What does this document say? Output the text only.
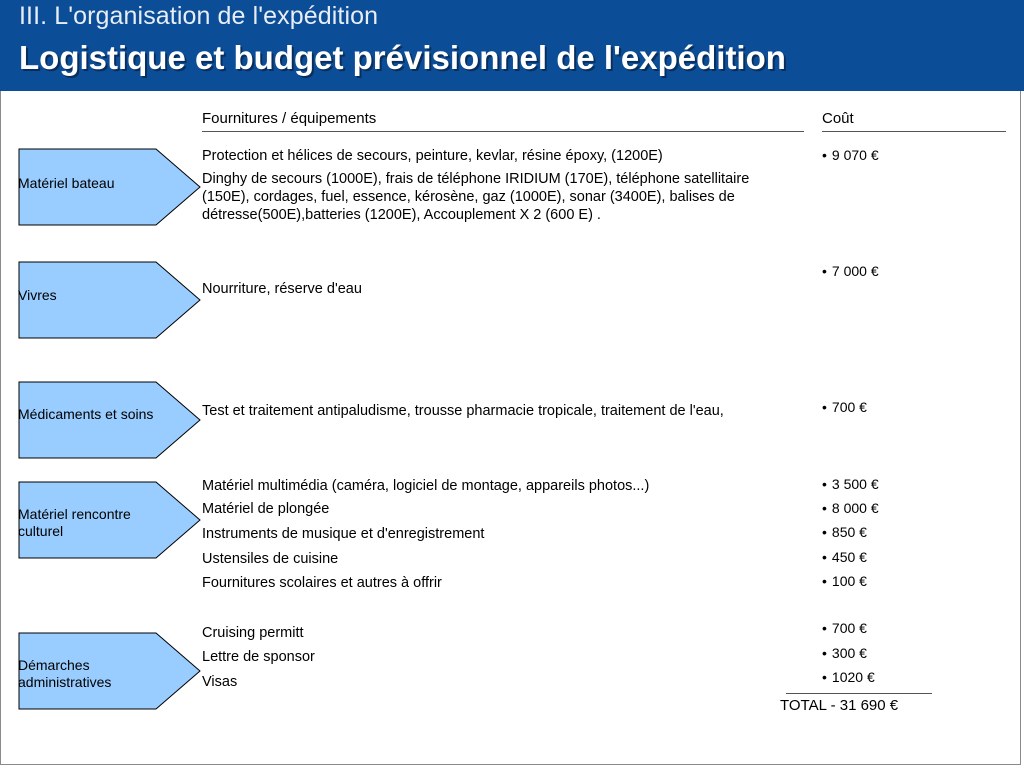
III. L'organisation de l'expédition
Logistique et budget prévisionnel de l'expédition
Fournitures / équipements	Coût
Matériel bateau
Protection et hélices de secours, peinture, kevlar, résine époxy, (1200E)
Dinghy de secours (1000E), frais de téléphone IRIDIUM (170E), téléphone satellitaire (150E), cordages, fuel, essence, kérosène, gaz (1000E), sonar (3400E), balises de détresse(500E),batteries (1200E), Accouplement X 2 (600 E) .
• 9 070 €
Vivres	Nourriture, réserve d'eau
• 7 000 €
Médicaments et soins	Test et traitement antipaludisme, trousse pharmacie tropicale, traitement de l'eau,
•	700 €
Matériel rencontre culturel
Matériel multimédia (caméra, logiciel de montage, appareils photos...)
Matériel de plongée
Instruments de musique et d'enregistrement
Ustensiles de cuisine
Fournitures scolaires et autres à offrir
• 3 500 €
• 8 000 €
• 850 €
• 450 €
• 100 €
Démarches administratives
Cruising permitt
Lettre de sponsor
Visas
• 700 €
• 300 €
• 1020 €
TOTAL - 31 690 €
